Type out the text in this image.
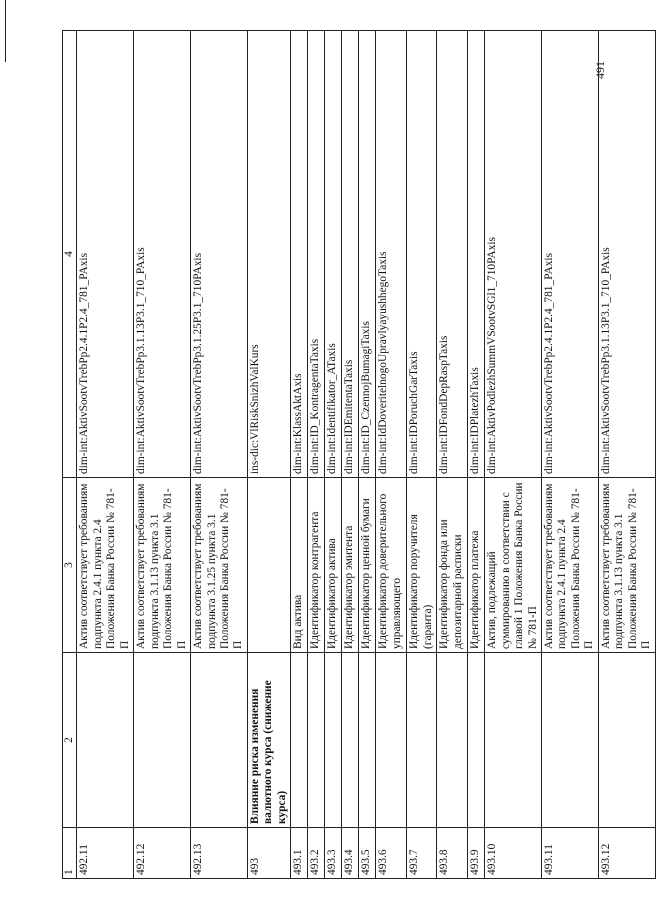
491
1	2	3	4
492.11		Актив соответствует требованиям подпункта 2.4.1 пункта 2.4 Положения Банка России № 781-П	dim-int:AktivSootvTrebPp2.4.1P2.4_781_PAxis
492.12		Актив соответствует требованиям подпункта 3.1.13 пункта 3.1 Положения Банка России № 781-П	dim-int:AktivSootvTrebPp3.1.13P3.1_710_PAxis
492.13		Актив соответствует требованиям подпункта 3.1.25 пункта 3.1 Положения Банка России № 781-П	dim-int:AktivSootvTrebPp3.1.25P3.1_710PAxis
493	Влияние риска изменения валютного курса (снижение курса)		ins-dic:VlRiskSnizhValKurs
493.1		Вид актива	dim-int:KlassAktAxis
493.2		Идентификатор контрагента	dim-int:ID_KontragentaTaxis
493.3		Идентификатор актива	dim-int:Identifikator_ATaxis
493.4		Идентификатор эмитента	dim-int:IDEmitentaTaxis
493.5		Идентификатор ценной бумаги	dim-int:ID_CzennojBumagiTaxis
493.6		Идентификатор доверительного управляющего	dim-int:IdDoveritelnogoUpravlyayushhegoTaxis
493.7		Идентификатор поручителя (гаранта)	dim-int:IDPoruchGarTaxis
493.8		Идентификатор фонда или депозитарной расписки	dim-int:IDFondDepRaspTaxis
493.9		Идентификатор платежа	dim-int:IDPlatezhTaxis
493.10		Актив, подлежащий суммированию в соответствии с главой 1 Положения Банка России № 781-П	dim-int:AktivPodlezhSummVSootvSGl1_710PAxis
493.11		Актив соответствует требованиям подпункта 2.4.1 пункта 2.4 Положения Банка России № 781-П	dim-int:AktivSootvTrebPp2.4.1P2.4_781_PAxis
493.12		Актив соответствует требованиям подпункта 3.1.13 пункта 3.1 Положения Банка России № 781-П	dim-int:AktivSootvTrebPp3.1.13P3.1_710_PAxis
